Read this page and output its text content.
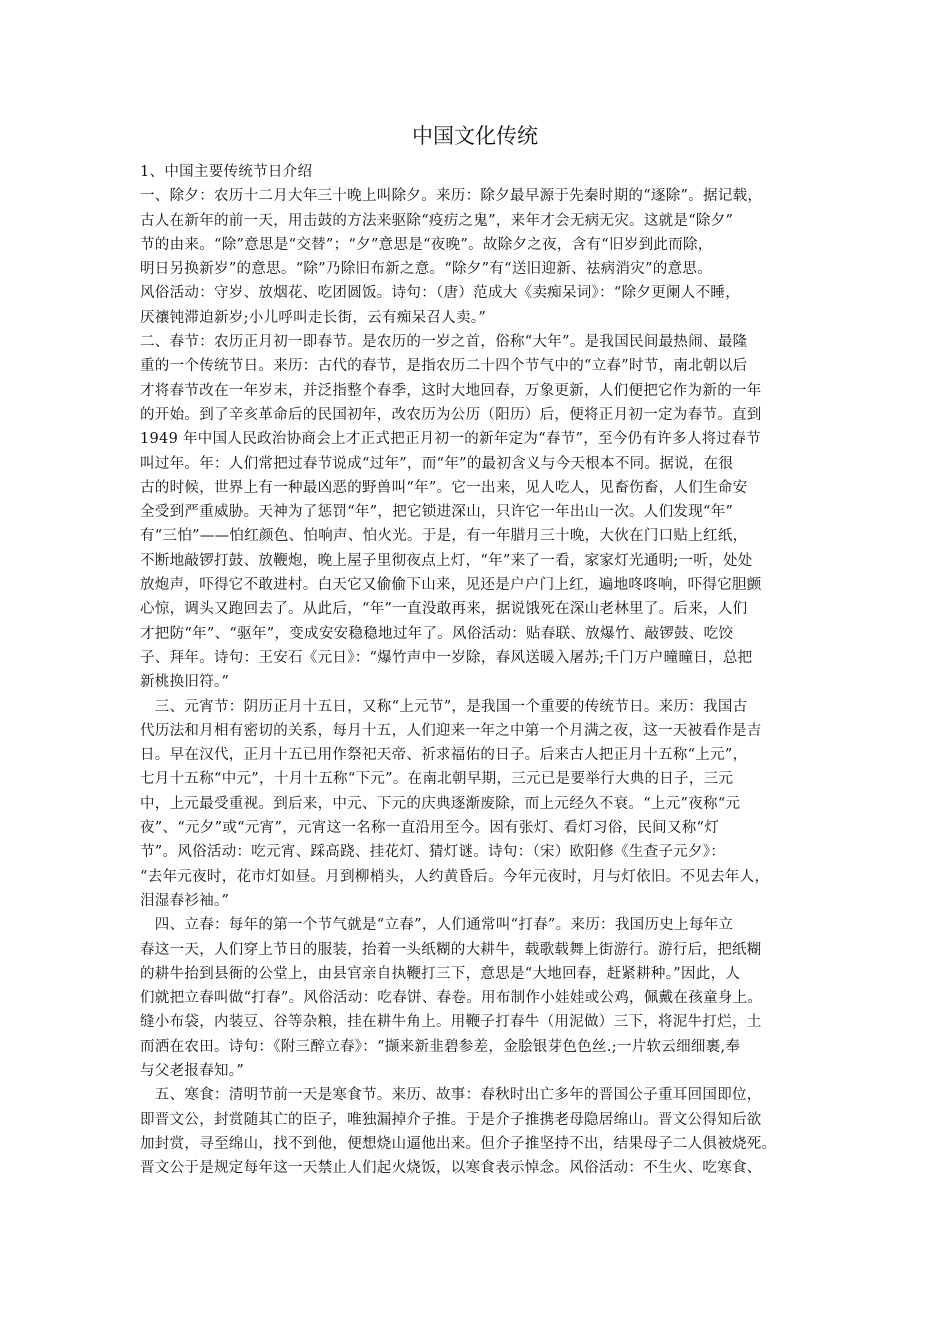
中国文化传统
1、中国主要传统节日介绍
一、除夕：农历十二月大年三十晚上叫除夕。来历：除夕最早源于先秦时期的“逐除”。据记载，
古人在新年的前一天，用击鼓的方法来驱除“疫疠之鬼”，来年才会无病无灾。这就是“除夕”
节的由来。“除”意思是“交替”；“夕”意思是“夜晚”。故除夕之夜，含有“旧岁到此而除，
明日另换新岁”的意思。“除”乃除旧布新之意。“除夕”有“送旧迎新、祛病消灾”的意思。
风俗活动：守岁、放烟花、吃团圆饭。诗句：（唐）范成大《卖痴呆词》：“除夕更阑人不睡，
厌禳钝滞迫新岁;小儿呼叫走长街，云有痴呆召人卖。”
二、春节：农历正月初一即春节。是农历的一岁之首，俗称“大年”。是我国民间最热闹、最隆
重的一个传统节日。来历：古代的春节，是指农历二十四个节气中的“立春”时节，南北朝以后
才将春节改在一年岁末，并泛指整个春季，这时大地回春，万象更新，人们便把它作为新的一年
的开始。到了辛亥革命后的民国初年，改农历为公历（阳历）后，便将正月初一定为春节。直到
1949 年中国人民政治协商会上才正式把正月初一的新年定为“春节”，至今仍有许多人将过春节
叫过年。年：人们常把过春节说成“过年”，而“年”的最初含义与今天根本不同。据说，在很
古的时候，世界上有一种最凶恶的野兽叫“年”。它一出来，见人吃人，见畜伤畜，人们生命安
全受到严重威胁。天神为了惩罚“年”，把它锁进深山，只许它一年出山一次。人们发现“年”
有“三怕”——怕红颜色、怕响声、怕火光。于是，有一年腊月三十晚，大伙在门口贴上红纸，
不断地敲锣打鼓、放鞭炮，晚上屋子里彻夜点上灯，“年”来了一看，家家灯光通明;一听，处处
放炮声，吓得它不敢进村。白天它又偷偷下山来，见还是户户门上红，遍地咚咚响，吓得它胆颤
心惊，调头又跑回去了。从此后，“年”一直没敢再来，据说饿死在深山老林里了。后来，人们
才把防“年”、“驱年”，变成安安稳稳地过年了。风俗活动：贴春联、放爆竹、敲锣鼓、吃饺
子、拜年。诗句：王安石《元日》：“爆竹声中一岁除，春风送暖入屠苏;千门万户曈曈日，总把
新桃换旧符。”
　三、元宵节：阴历正月十五日，又称“上元节”，是我国一个重要的传统节日。来历：我国古
代历法和月相有密切的关系，每月十五，人们迎来一年之中第一个月满之夜，这一天被看作是吉
日。早在汉代，正月十五已用作祭祀天帝、祈求福佑的日子。后来古人把正月十五称“上元”，
七月十五称“中元”，十月十五称“下元”。在南北朝早期，三元已是要举行大典的日子，三元
中，上元最受重视。到后来，中元、下元的庆典逐渐废除，而上元经久不衰。“上元”夜称“元
夜”、“元夕”或“元宵”，元宵这一名称一直沿用至今。因有张灯、看灯习俗，民间又称“灯
节”。风俗活动：吃元宵、踩高跷、挂花灯、猜灯谜。诗句：（宋）欧阳修《生查子元夕》：
“去年元夜时，花市灯如昼。月到柳梢头，人约黄昏后。今年元夜时，月与灯依旧。不见去年人，
泪湿春衫袖。”
　四、立春：每年的第一个节气就是“立春”，人们通常叫“打春”。来历：我国历史上每年立
春这一天，人们穿上节日的服装，抬着一头纸糊的大耕牛，载歌载舞上街游行。游行后，把纸糊
的耕牛抬到县衙的公堂上，由县官亲自执鞭打三下，意思是“大地回春，赶紧耕种。”因此，人
们就把立春叫做“打春”。风俗活动：吃春饼、春卷。用布制作小娃娃或公鸡，佩戴在孩童身上。
缝小布袋，内装豆、谷等杂粮，挂在耕牛角上。用鞭子打春牛（用泥做）三下，将泥牛打烂，土
而洒在农田。诗句：《附三醉立春》：“撷来新韭碧参差，金脍银芽色色丝.;一片软云细细裹,奉
与父老报春知。”
　五、寒食：清明节前一天是寒食节。来历、故事：春秋时出亡多年的晋国公子重耳回国即位，
即晋文公，封赏随其亡的臣子，唯独漏掉介子推。于是介子推携老母隐居绵山。晋文公得知后欲
加封赏，寻至绵山，找不到他，便想烧山逼他出来。但介子推坚持不出，结果母子二人俱被烧死。
晋文公于是规定每年这一天禁止人们起火烧饭，以寒食表示悼念。风俗活动：不生火、吃寒食、
